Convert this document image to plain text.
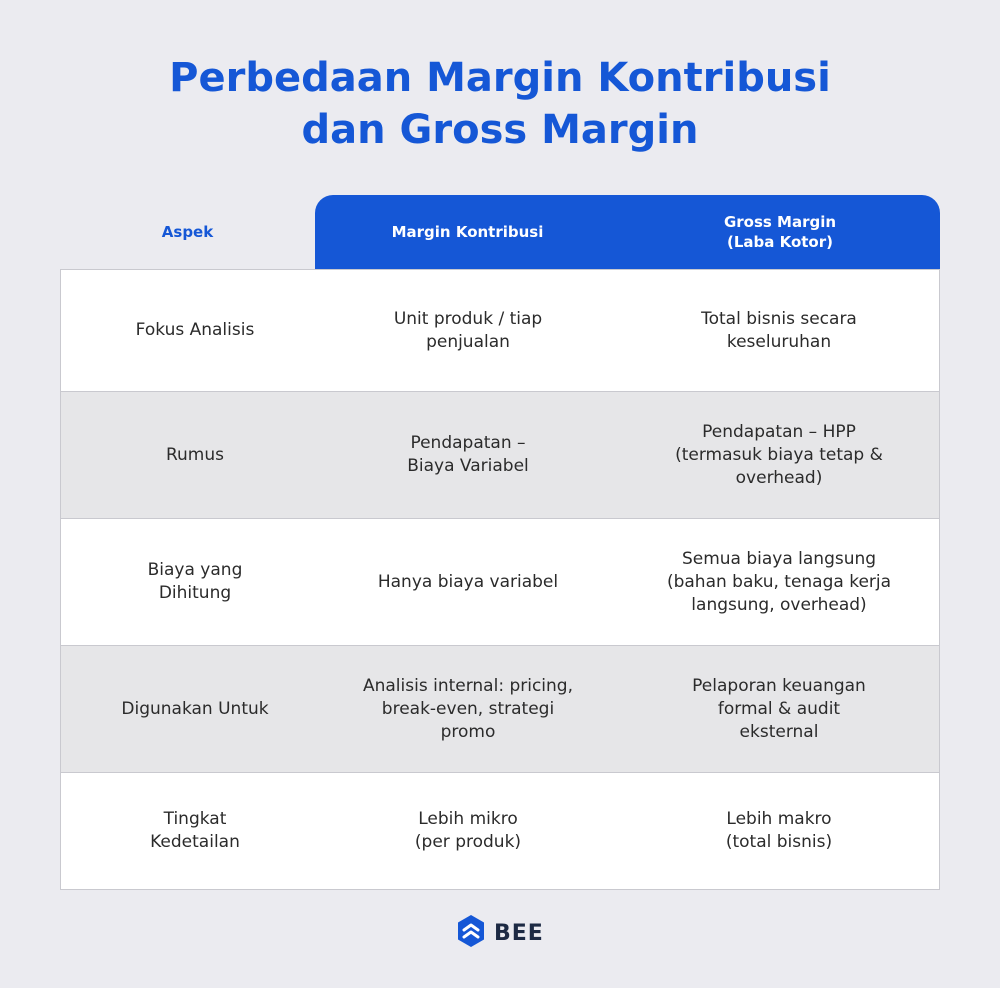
Perbedaan Margin Kontribusi
dan Gross Margin
Aspek	Margin Kontribusi
Gross Margin
(Laba Kotor)
Fokus Analisis
Unit produk / tiap
penjualan
Total bisnis secara
keseluruhan
Rumus
Pendapatan –
Biaya Variabel
Pendapatan – HPP
(termasuk biaya tetap &
overhead)
Biaya yang
Dihitung
Hanya biaya variabel
Semua biaya langsung
(bahan baku, tenaga kerja
langsung, overhead)
Digunakan Untuk
Analisis internal: pricing,
break-even, strategi
promo
Pelaporan keuangan
formal & audit
eksternal
Tingkat
Kedetailan
Lebih mikro
(per produk)
Lebih makro
(total bisnis)
BEE
